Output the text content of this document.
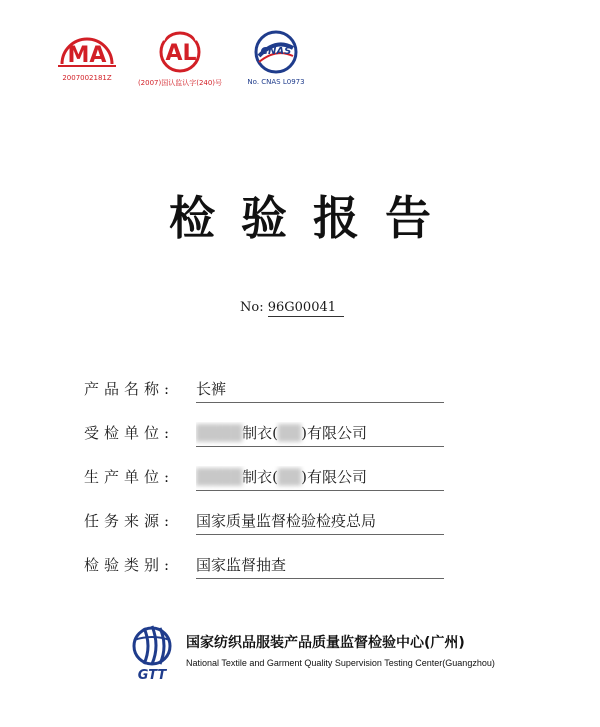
MA
2007002181Z
AL
(2007)国认监认字(240)号
CNAS
No. CNAS L0973
检验报告
No: 96G00041
产品名称:	长裤
受检单位:	████制衣(██)有限公司
生产单位:	████制衣(██)有限公司
任务来源:	国家质量监督检验检疫总局
检验类别:	国家监督抽查
GTT
国家纺织品服装产品质量监督检验中心(广州)
National Textile and Garment Quality Supervision Testing Center(Guangzhou)
